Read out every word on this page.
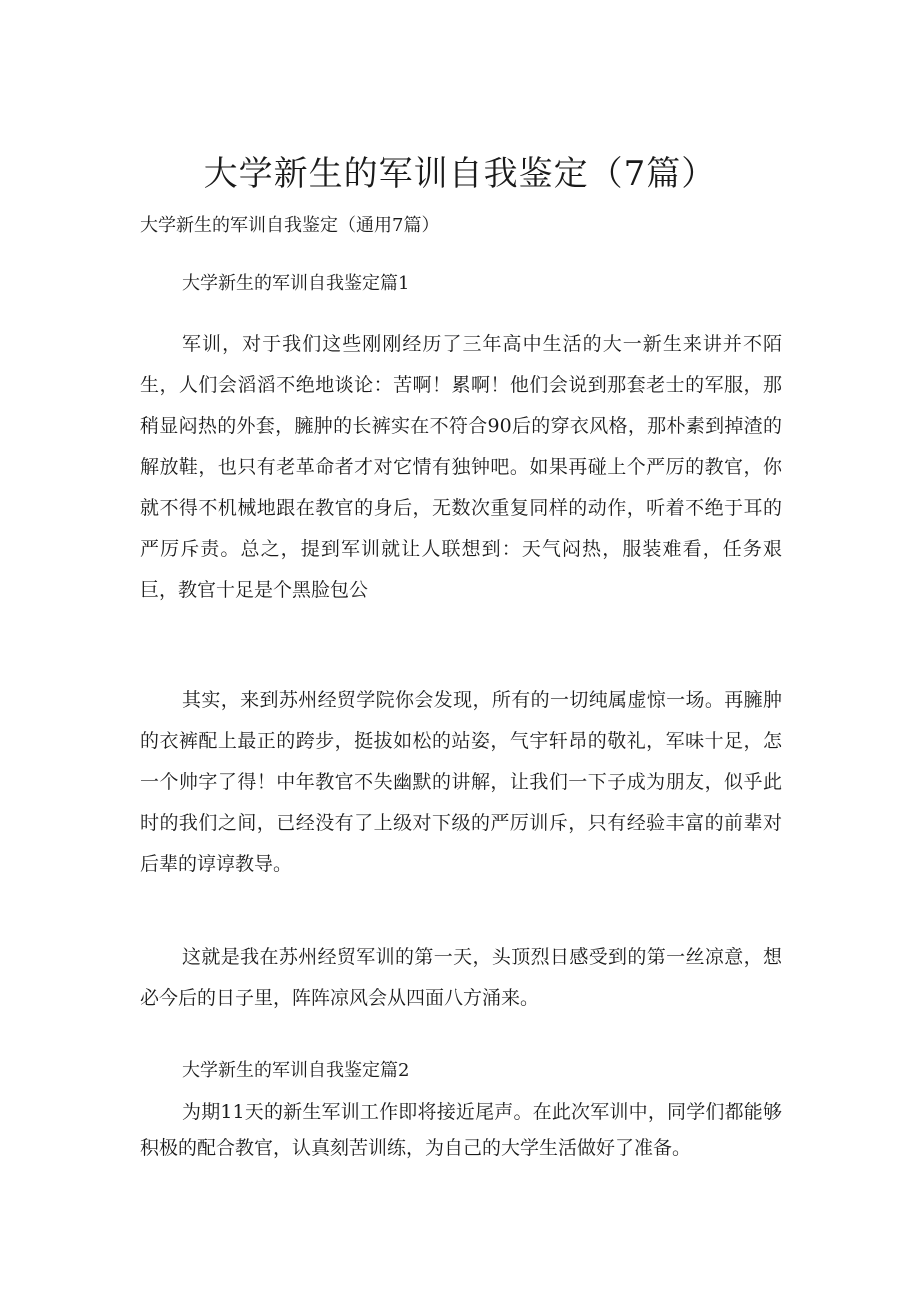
大学新生的军训自我鉴定（7篇）

大学新生的军训自我鉴定（通用7篇）

大学新生的军训自我鉴定篇1

军训，对于我们这些刚刚经历了三年高中生活的大一新生来讲并不陌生，人们会滔滔不绝地谈论：苦啊！累啊！他们会说到那套老士的军服，那稍显闷热的外套，臃肿的长裤实在不符合90后的穿衣风格，那朴素到掉渣的解放鞋，也只有老革命者才对它情有独钟吧。如果再碰上个严厉的教官，你就不得不机械地跟在教官的身后，无数次重复同样的动作，听着不绝于耳的严厉斥责。总之，提到军训就让人联想到：天气闷热，服装难看，任务艰巨，教官十足是个黑脸包公

其实，来到苏州经贸学院你会发现，所有的一切纯属虚惊一场。再臃肿的衣裤配上最正的跨步，挺拔如松的站姿，气宇轩昂的敬礼，军味十足，怎一个帅字了得！中年教官不失幽默的讲解，让我们一下子成为朋友，似乎此时的我们之间，已经没有了上级对下级的严厉训斥，只有经验丰富的前辈对后辈的谆谆教导。

这就是我在苏州经贸军训的第一天，头顶烈日感受到的第一丝凉意，想必今后的日子里，阵阵凉风会从四面八方涌来。

大学新生的军训自我鉴定篇2

为期11天的新生军训工作即将接近尾声。在此次军训中，同学们都能够积极的配合教官，认真刻苦训练，为自己的大学生活做好了准备。
